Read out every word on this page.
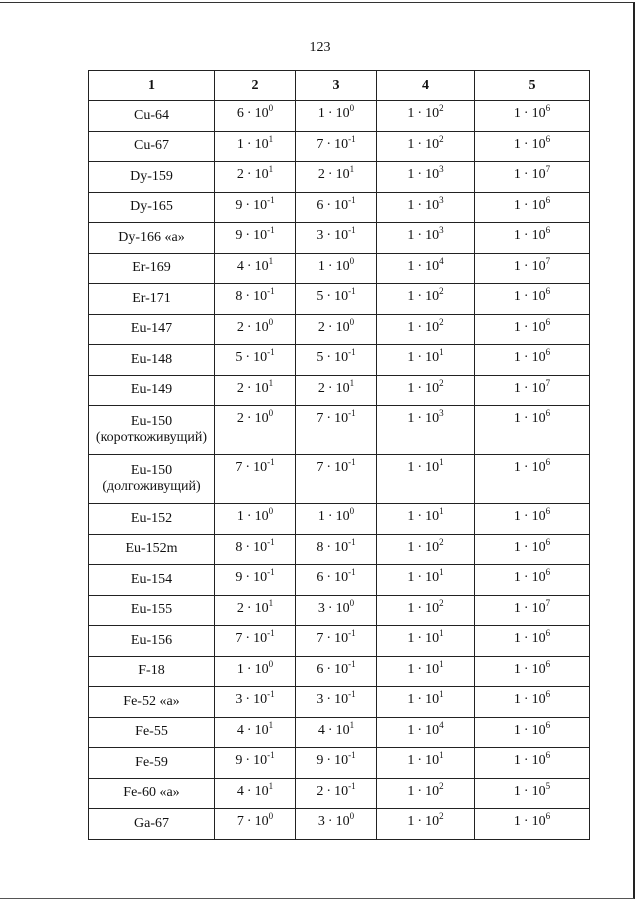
123
1	2	3	4	5

Cu-64	$6 \cdot 10^0$	$1 \cdot 10^0$	$1 \cdot 10^2$	$1 \cdot 10^6$

Cu-67	$1 \cdot 10^1$	$7 \cdot 10^{-1}$	$1 \cdot 10^2$	$1 \cdot 10^6$

Dy-159	$2 \cdot 10^1$	$2 \cdot 10^1$	$1 \cdot 10^3$	$1 \cdot 10^7$

Dy-165	$9 \cdot 10^{-1}$	$6 \cdot 10^{-1}$	$1 \cdot 10^3$	$1 \cdot 10^6$

Dy-166 «а»	$9 \cdot 10^{-1}$	$3 \cdot 10^{-1}$	$1 \cdot 10^3$	$1 \cdot 10^6$

Er-169	$4 \cdot 10^1$	$1 \cdot 10^0$	$1 \cdot 10^4$	$1 \cdot 10^7$

Er-171	$8 \cdot 10^{-1}$	$5 \cdot 10^{-1}$	$1 \cdot 10^2$	$1 \cdot 10^6$

Eu-147	$2 \cdot 10^0$	$2 \cdot 10^0$	$1 \cdot 10^2$	$1 \cdot 10^6$

Eu-148	$5 \cdot 10^{-1}$	$5 \cdot 10^{-1}$	$1 \cdot 10^1$	$1 \cdot 10^6$

Eu-149	$2 \cdot 10^1$	$2 \cdot 10^1$	$1 \cdot 10^2$	$1 \cdot 10^7$

Eu-150
(короткоживущий)	$2 \cdot 10^0$	$7 \cdot 10^{-1}$	$1 \cdot 10^3$	$1 \cdot 10^6$

Eu-150
(долгоживущий)	$7 \cdot 10^{-1}$	$7 \cdot 10^{-1}$	$1 \cdot 10^1$	$1 \cdot 10^6$

Eu-152	$1 \cdot 10^0$	$1 \cdot 10^0$	$1 \cdot 10^1$	$1 \cdot 10^6$

Eu-152m	$8 \cdot 10^{-1}$	$8 \cdot 10^{-1}$	$1 \cdot 10^2$	$1 \cdot 10^6$

Eu-154	$9 \cdot 10^{-1}$	$6 \cdot 10^{-1}$	$1 \cdot 10^1$	$1 \cdot 10^6$

Eu-155	$2 \cdot 10^1$	$3 \cdot 10^0$	$1 \cdot 10^2$	$1 \cdot 10^7$

Eu-156	$7 \cdot 10^{-1}$	$7 \cdot 10^{-1}$	$1 \cdot 10^1$	$1 \cdot 10^6$

F-18	$1 \cdot 10^0$	$6 \cdot 10^{-1}$	$1 \cdot 10^1$	$1 \cdot 10^6$

Fe-52 «а»	$3 \cdot 10^{-1}$	$3 \cdot 10^{-1}$	$1 \cdot 10^1$	$1 \cdot 10^6$

Fe-55	$4 \cdot 10^1$	$4 \cdot 10^1$	$1 \cdot 10^4$	$1 \cdot 10^6$

Fe-59	$9 \cdot 10^{-1}$	$9 \cdot 10^{-1}$	$1 \cdot 10^1$	$1 \cdot 10^6$

Fe-60 «а»	$4 \cdot 10^1$	$2 \cdot 10^{-1}$	$1 \cdot 10^2$	$1 \cdot 10^5$

Ga-67	$7 \cdot 10^0$	$3 \cdot 10^0$	$1 \cdot 10^2$	$1 \cdot 10^6$
